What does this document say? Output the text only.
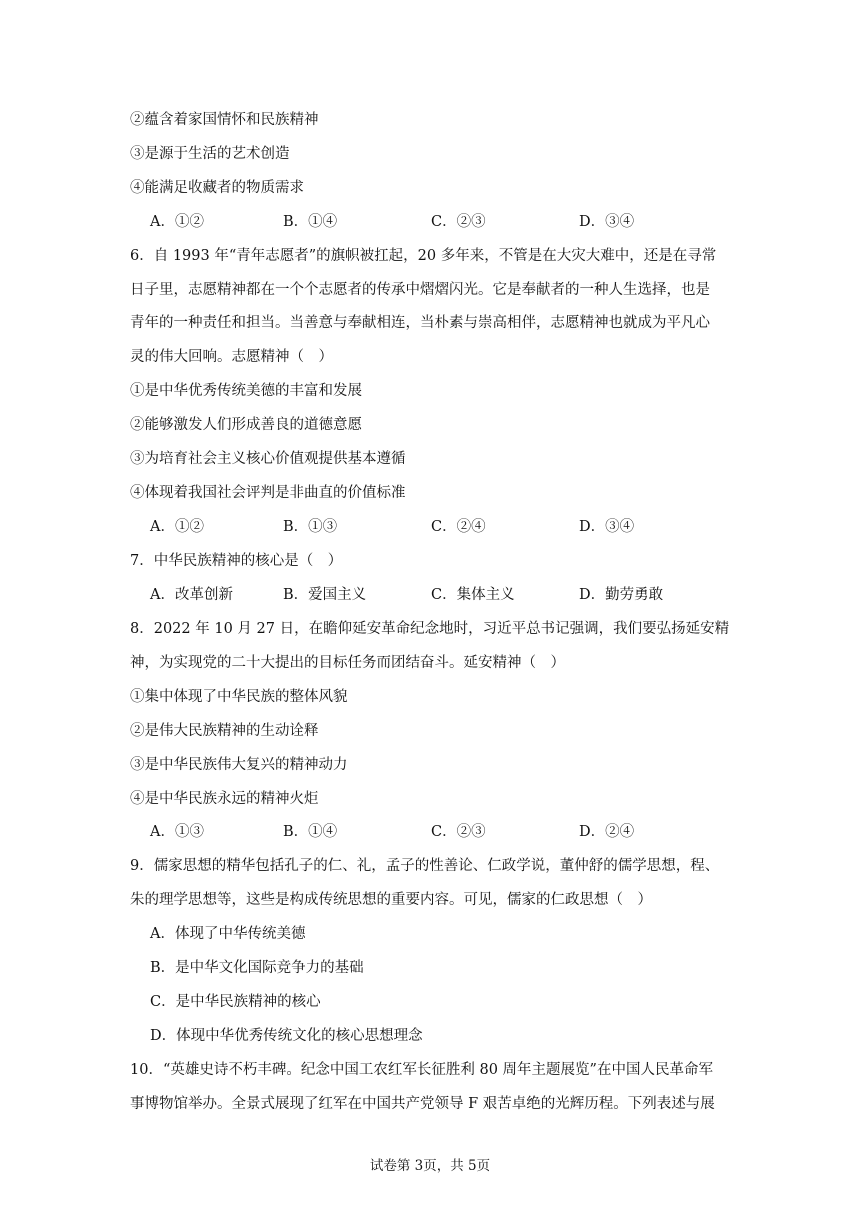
②蕴含着家国情怀和民族精神
③是源于生活的艺术创造
④能满足收藏者的物质需求
A．①②	B．①④	C．②③	D．③④
6．自 1993 年“青年志愿者”的旗帜被扛起，20 多年来，不管是在大灾大难中，还是在寻常
日子里，志愿精神都在一个个志愿者的传承中熠熠闪光。它是奉献者的一种人生选择，也是
青年的一种责任和担当。当善意与奉献相连，当朴素与崇高相伴，志愿精神也就成为平凡心
灵的伟大回响。志愿精神（　）
①是中华优秀传统美德的丰富和发展
②能够激发人们形成善良的道德意愿
③为培育社会主义核心价值观提供基本遵循
④体现着我国社会评判是非曲直的价值标准
A．①②	B．①③	C．②④	D．③④
7．中华民族精神的核心是（　）
A．改革创新	B．爱国主义	C．集体主义	D．勤劳勇敢
8．2022 年 10 月 27 日，在瞻仰延安革命纪念地时，习近平总书记强调，我们要弘扬延安精
神，为实现党的二十大提出的目标任务而团结奋斗。延安精神（　）
①集中体现了中华民族的整体风貌
②是伟大民族精神的生动诠释
③是中华民族伟大复兴的精神动力
④是中华民族永远的精神火炬
A．①③	B．①④	C．②③	D．②④
9．儒家思想的精华包括孔子的仁、礼，孟子的性善论、仁政学说，董仲舒的儒学思想，程、
朱的理学思想等，这些是构成传统思想的重要内容。可见，儒家的仁政思想（　）
A．体现了中华传统美德
B．是中华文化国际竞争力的基础
C．是中华民族精神的核心
D．体现中华优秀传统文化的核心思想理念
10．“英雄史诗不朽丰碑。纪念中国工农红军长征胜利 80 周年主题展览”在中国人民革命军
事博物馆举办。全景式展现了红军在中国共产党领导 F 艰苦卓绝的光辉历程。下列表述与展
试卷第 3页，共 5页
